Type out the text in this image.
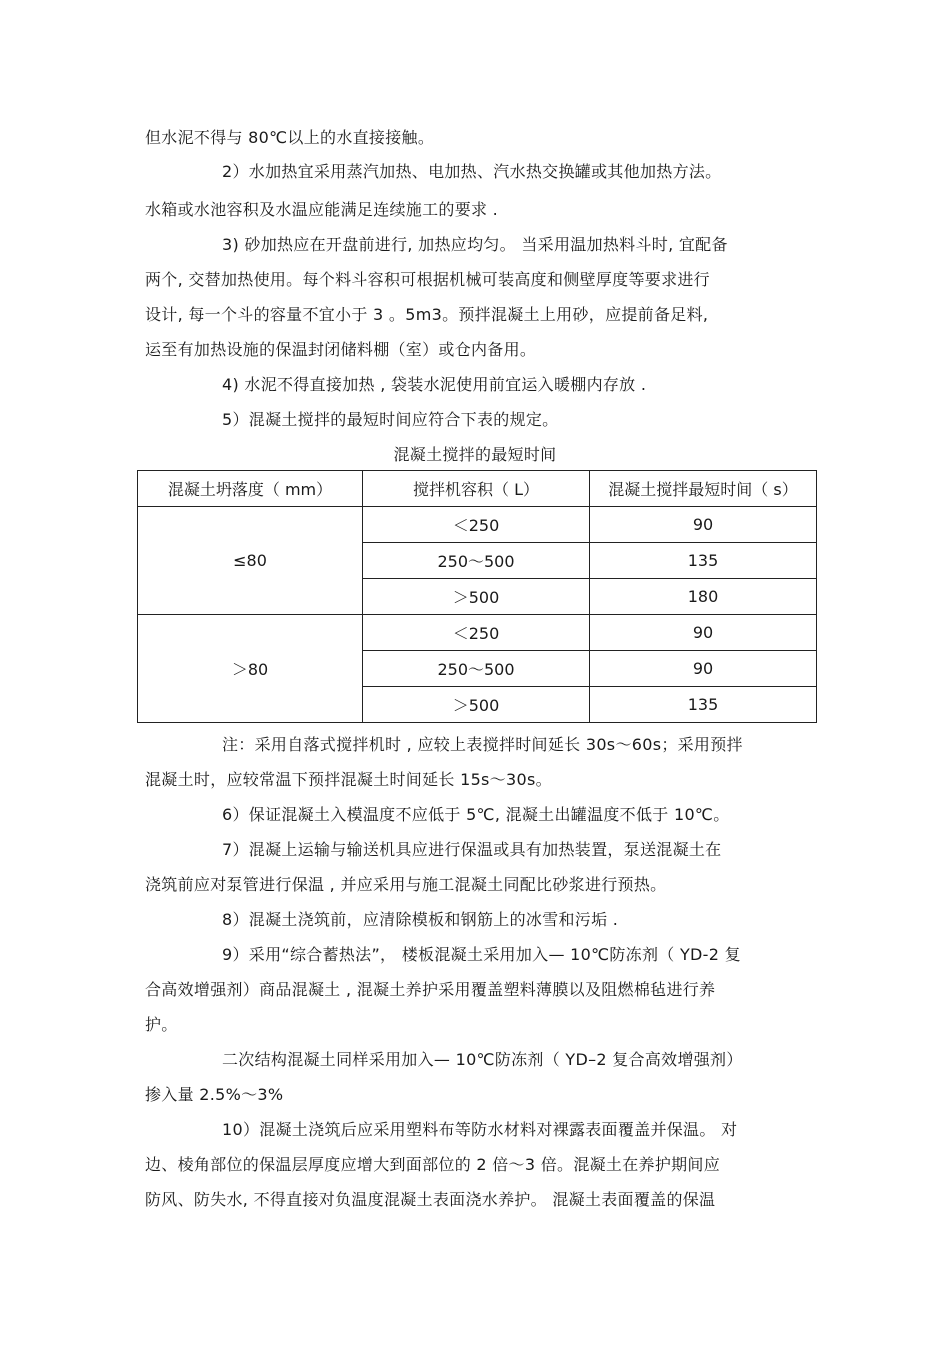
但水泥不得与 80℃以上的水直接接触。
2）水加热宜采用蒸汽加热、电加热、汽水热交换罐或其他加热方法。
水箱或水池容积及水温应能满足连续施工的要求 .
3) 砂加热应在开盘前进行, 加热应均匀。 当采用温加热料斗时, 宜配备
两个, 交替加热使用。每个料斗容积可根据机械可装高度和侧壁厚度等要求进行
设计, 每一个斗的容量不宜小于 3 。5m3。预拌混凝土上用砂，应提前备足料,
运至有加热设施的保温封闭储料棚（室）或仓内备用。
4) 水泥不得直接加热 , 袋装水泥使用前宜运入暖棚内存放 .
5）混凝土搅拌的最短时间应符合下表的规定。
混凝土搅拌的最短时间
混凝土坍落度（ mm）	搅拌机容积（ L）	混凝土搅拌最短时间（ s）
≤80	＜250	90
	250～500	135
	＞500	180
＞80	＜250	90
	250～500	90
	＞500	135
注：采用自落式搅拌机时 , 应较上表搅拌时间延长 30s～60s；采用预拌
混凝土时，应较常温下预拌混凝土时间延长 15s～30s。
6）保证混凝土入模温度不应低于 5℃, 混凝土出罐温度不低于 10℃。
7）混凝上运输与输送机具应进行保温或具有加热装置，泵送混凝土在
浇筑前应对泵管进行保温 , 并应采用与施工混凝土同配比砂浆进行预热。
8）混凝土浇筑前，应清除模板和钢筋上的冰雪和污垢 .
9）采用“综合蓄热法”， 楼板混凝土采用加入— 10℃防冻剂（ YD-2 复
合高效增强剂）商品混凝土 , 混凝土养护采用覆盖塑料薄膜以及阻燃棉毡进行养
护。
二次结构混凝土同样采用加入— 10℃防冻剂（ YD–2 复合高效增强剂）
掺入量 2.5%～3%
10）混凝土浇筑后应采用塑料布等防水材料对裸露表面覆盖并保温。 对
边、棱角部位的保温层厚度应增大到面部位的 2 倍～3 倍。混凝土在养护期间应
防风、防失水, 不得直接对负温度混凝土表面浇水养护。 混凝土表面覆盖的保温
